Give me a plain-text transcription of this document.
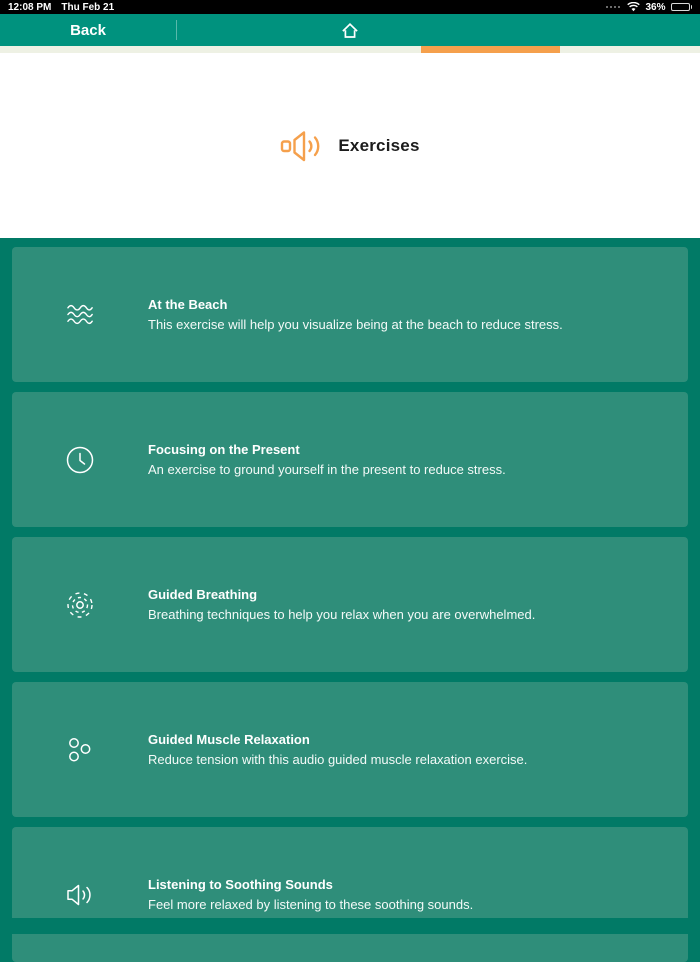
12:08 PM Thu Feb 21	36%
Back
Exercises
At the Beach
This exercise will help you visualize being at the beach to reduce stress.
Focusing on the Present
An exercise to ground yourself in the present to reduce stress.
Guided Breathing
Breathing techniques to help you relax when you are overwhelmed.
Guided Muscle Relaxation
Reduce tension with this audio guided muscle relaxation exercise.
Listening to Soothing Sounds
Feel more relaxed by listening to these soothing sounds.
